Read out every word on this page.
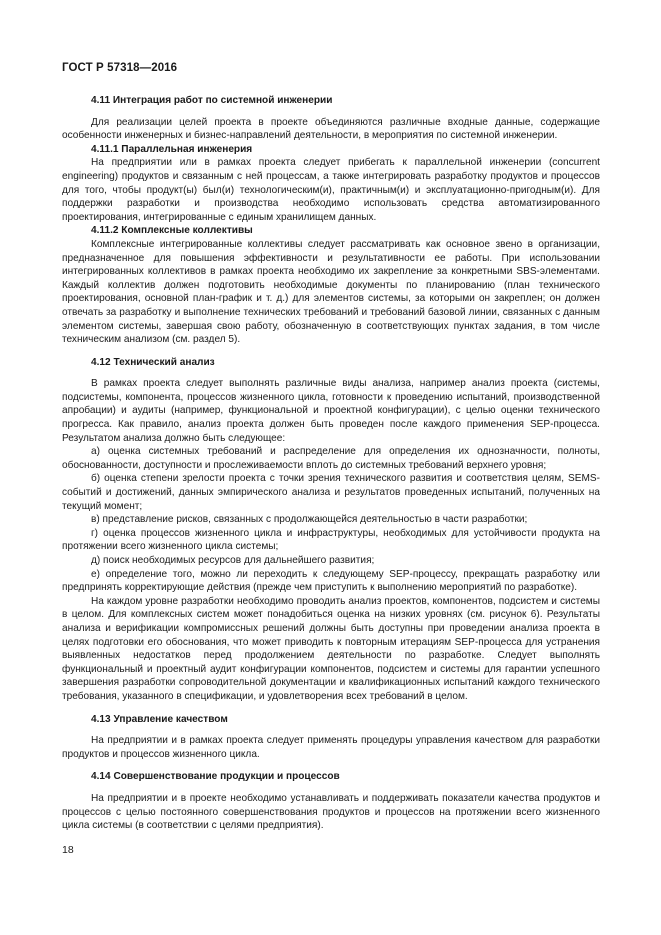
ГОСТ Р 57318—2016
4.11 Интеграция работ по системной инженерии

Для реализации целей проекта в проекте объединяются различные входные данные, содержащие особенности инженерных и бизнес-направлений деятельности, в мероприятия по системной инженерии.

4.11.1 Параллельная инженерия

На предприятии или в рамках проекта следует прибегать к параллельной инженерии (concurrent engineering) продуктов и связанным с ней процессам, а также интегрировать разработку продуктов и процессов для того, чтобы продукт(ы) был(и) технологическим(и), практичным(и) и эксплуатационно-пригодным(и). Для поддержки разработки и производства необходимо использовать средства автоматизированного проектирования, интегрированные с единым хранилищем данных.

4.11.2 Комплексные коллективы

Комплексные интегрированные коллективы следует рассматривать как основное звено в организации, предназначенное для повышения эффективности и результативности ее работы. При использовании интегрированных коллективов в рамках проекта необходимо их закрепление за конкретными SBS-элементами. Каждый коллектив должен подготовить необходимые документы по планированию (план технического проектирования, основной план-график и т. д.) для элементов системы, за которыми он закреплен; он должен отвечать за разработку и выполнение технических требований и требований базовой линии, связанных с данным элементом системы, завершая свою работу, обозначенную в соответствующих пунктах задания, в том числе техническим анализом (см. раздел 5).

4.12 Технический анализ

В рамках проекта следует выполнять различные виды анализа, например анализ проекта (системы, подсистемы, компонента, процессов жизненного цикла, готовности к проведению испытаний, производственной апробации) и аудиты (например, функциональной и проектной конфигурации), с целью оценки технического прогресса. Как правило, анализ проекта должен быть проведен после каждого применения SEP-процесса. Результатом анализа должно быть следующее:

а) оценка системных требований и распределение для определения их однозначности, полноты, обоснованности, доступности и прослеживаемости вплоть до системных требований верхнего уровня;

б) оценка степени зрелости проекта с точки зрения технического развития и соответствия целям, SEMS-событий и достижений, данных эмпирического анализа и результатов проведенных испытаний, полученных на текущий момент;

в) представление рисков, связанных с продолжающейся деятельностью в части разработки;

г) оценка процессов жизненного цикла и инфраструктуры, необходимых для устойчивости продукта на протяжении всего жизненного цикла системы;

д) поиск необходимых ресурсов для дальнейшего развития;

е) определение того, можно ли переходить к следующему SEP-процессу, прекращать разработку или предпринять корректирующие действия (прежде чем приступить к выполнению мероприятий по разработке).

На каждом уровне разработки необходимо проводить анализ проектов, компонентов, подсистем и системы в целом. Для комплексных систем может понадобиться оценка на низких уровнях (см. рисунок 6). Результаты анализа и верификации компромиссных решений должны быть доступны при проведении анализа проекта в целях подготовки его обоснования, что может приводить к повторным итерациям SEP-процесса для устранения выявленных недостатков перед продолжением деятельности по разработке. Следует выполнять функциональный и проектный аудит конфигурации компонентов, подсистем и системы для гарантии успешного завершения разработки сопроводительной документации и квалификационных испытаний каждого технического требования, указанного в спецификации, и удовлетворения всех требований в целом.

4.13 Управление качеством

На предприятии и в рамках проекта следует применять процедуры управления качеством для разработки продуктов и процессов жизненного цикла.

4.14 Совершенствование продукции и процессов

На предприятии и в проекте необходимо устанавливать и поддерживать показатели качества продуктов и процессов с целью постоянного совершенствования продуктов и процессов на протяжении всего жизненного цикла системы (в соответствии с целями предприятия).

18
